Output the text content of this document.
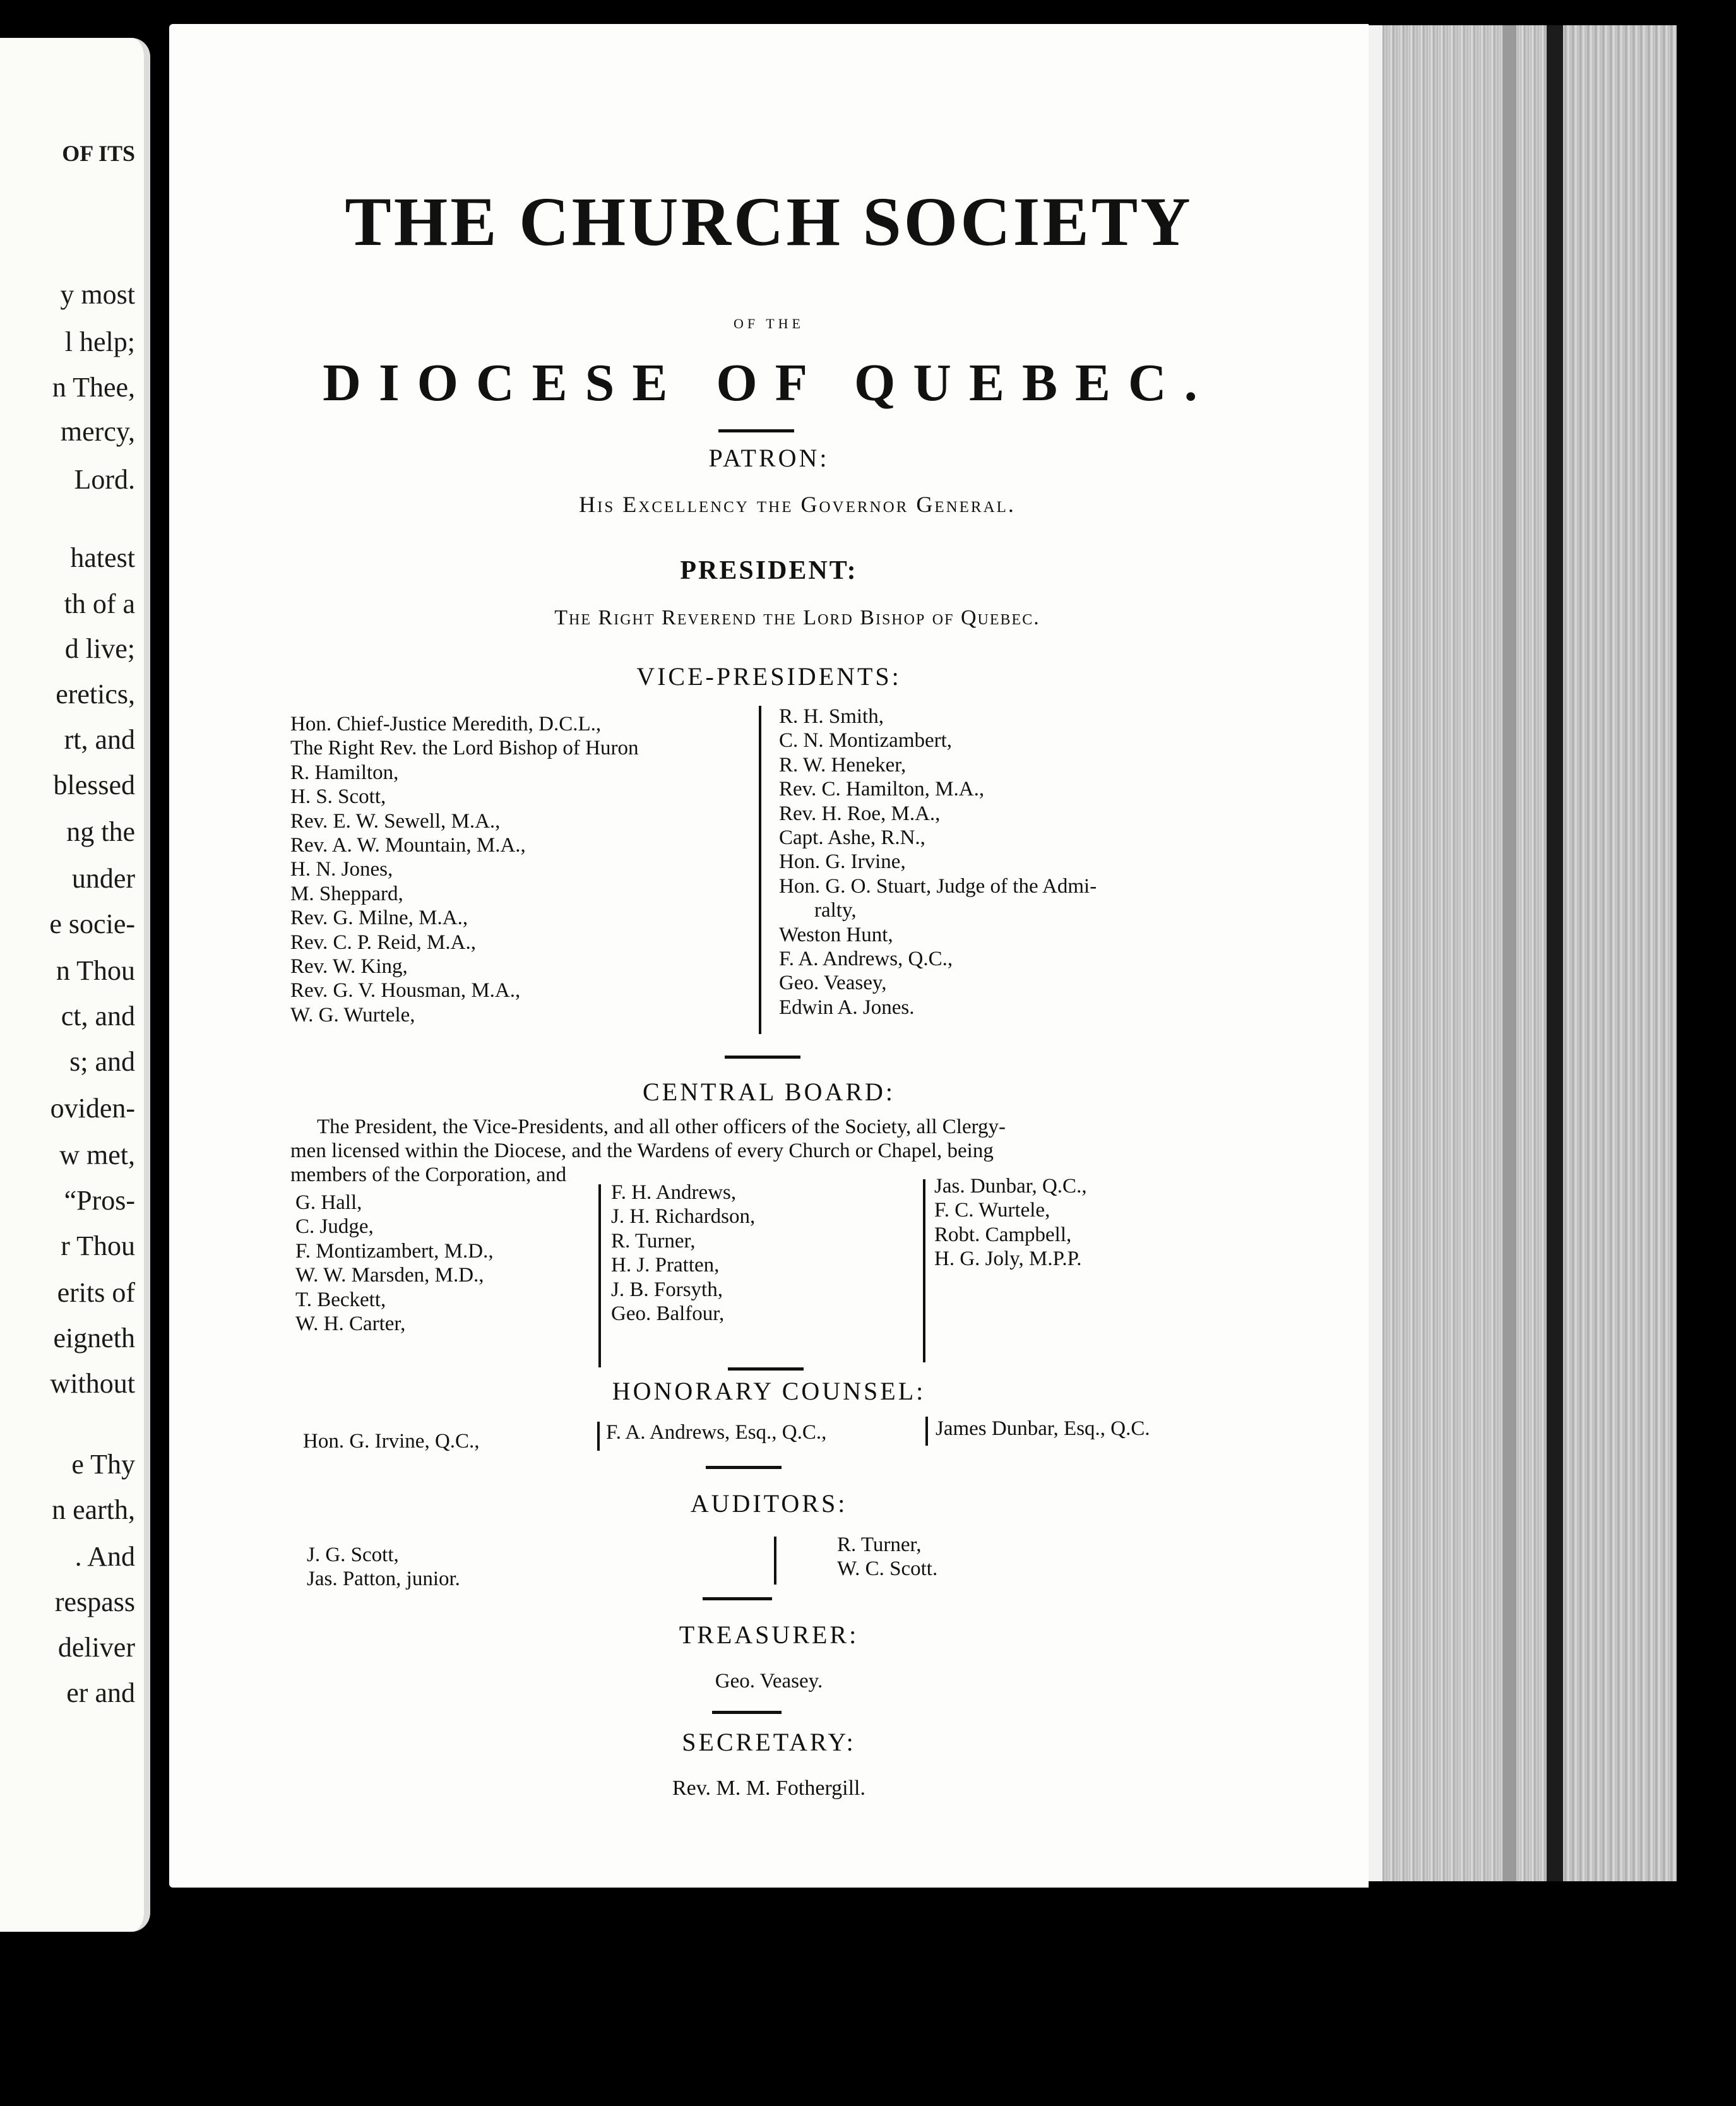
OF ITS
y most
l help;
n Thee,
mercy,
Lord.
hatest
th of a
d live;
eretics,
rt, and
blessed
ng the
under
e socie-
n Thou
ct, and
s; and
oviden-
w met,
“Pros-
r Thou
erits of
eigneth
without
e Thy
n earth,
. And
respass
deliver
er and
THE CHURCH SOCIETY
OF THE
DIOCESE OF QUEBEC.
PATRON:
His Excellency the Governor General.
PRESIDENT:
The Right Reverend the Lord Bishop of Quebec.
VICE-PRESIDENTS:
Hon. Chief-Justice Meredith, D.C.L.,
The Right Rev. the Lord Bishop of Huron
R. Hamilton,
H. S. Scott,
Rev. E. W. Sewell, M.A.,
Rev. A. W. Mountain, M.A.,
H. N. Jones,
M. Sheppard,
Rev. G. Milne, M.A.,
Rev. C. P. Reid, M.A.,
Rev. W. King,
Rev. G. V. Housman, M.A.,
W. G. Wurtele,
R. H. Smith,
C. N. Montizambert,
R. W. Heneker,
Rev. C. Hamilton, M.A.,
Rev. H. Roe, M.A.,
Capt. Ashe, R.N.,
Hon. G. Irvine,
Hon. G. O. Stuart, Judge of the Admi-
ralty,
Weston Hunt,
F. A. Andrews, Q.C.,
Geo. Veasey,
Edwin A. Jones.
CENTRAL BOARD:
The President, the Vice-Presidents, and all other officers of the Society, all Clergy-
men licensed within the Diocese, and the Wardens of every Church or Chapel, being
members of the Corporation, and
G. Hall,
C. Judge,
F. Montizambert, M.D.,
W. W. Marsden, M.D.,
T. Beckett,
W. H. Carter,
F. H. Andrews,
J. H. Richardson,
R. Turner,
H. J. Pratten,
J. B. Forsyth,
Geo. Balfour,
Jas. Dunbar, Q.C.,
F. C. Wurtele,
Robt. Campbell,
H. G. Joly, M.P.P.
HONORARY COUNSEL:
Hon. G. Irvine, Q.C.,	F. A. Andrews, Esq., Q.C.,	James Dunbar, Esq., Q.C.
AUDITORS:
J. G. Scott,
Jas. Patton, junior.
R. Turner,
W. C. Scott.
TREASURER:
Geo. Veasey.
SECRETARY:
Rev. M. M. Fothergill.
